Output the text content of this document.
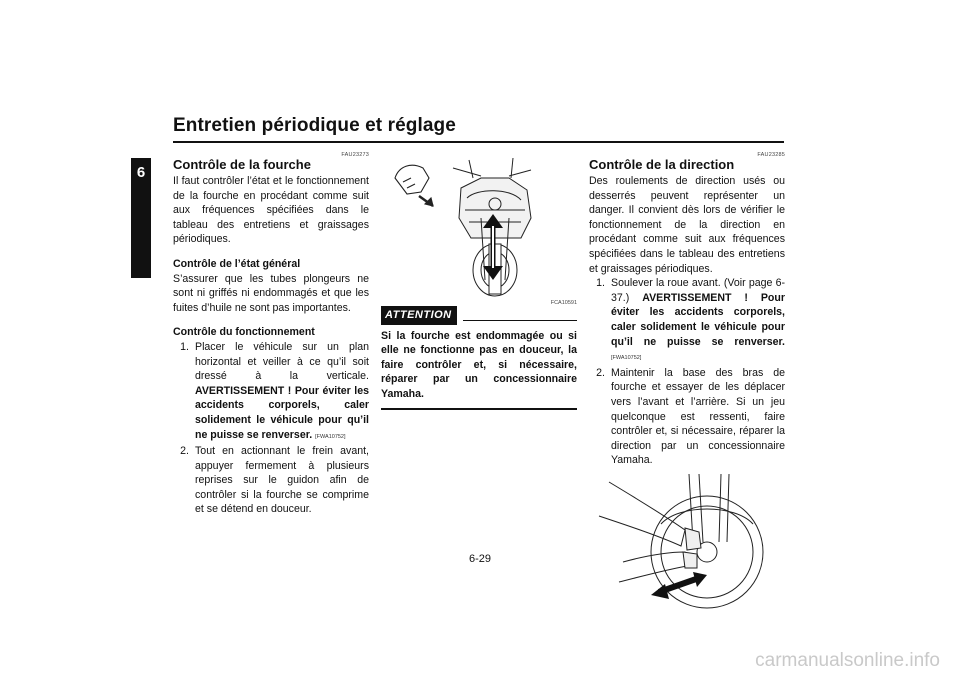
Entretien périodique et réglage
6
FAU23273
Contrôle de la fourche

Il faut contrôler l’état et le fonctionnement de la fourche en procédant comme suit aux fréquences spécifiées dans le tableau des entretiens et graissages périodiques.

Contrôle de l’état général

S’assurer que les tubes plongeurs ne sont ni griffés ni endommagés et que les fuites d’huile ne sont pas importantes.

Contrôle du fonctionnement
1. Placer le véhicule sur un plan horizontal et veiller à ce qu’il soit dressé à la verticale. AVERTISSEMENT ! Pour éviter les accidents corporels, caler solidement le véhicule pour qu’il ne puisse se renverser. [FWA10752]
2. Tout en actionnant le frein avant, appuyer fermement à plusieurs reprises sur le guidon afin de contrôler si la fourche se comprime et se détend en douceur.
FCA10591
ATTENTION
Si la fourche est endommagée ou si elle ne fonctionne pas en douceur, la faire contrôler et, si nécessaire, réparer par un concessionnaire Yamaha.
FAU23285
Contrôle de la direction

Des roulements de direction usés ou desserrés peuvent représenter un danger. Il convient dès lors de vérifier le fonctionnement de la direction en procédant comme suit aux fréquences spécifiées dans le tableau des entretiens et graissages périodiques.

1. Soulever la roue avant. (Voir page 6-37.) AVERTISSEMENT ! Pour éviter les accidents corporels, caler solidement le véhicule pour qu’il ne puisse se renverser. [FWA10752]
2. Maintenir la base des bras de fourche et essayer de les déplacer vers l’avant et l’arrière. Si un jeu quelconque est ressenti, faire contrôler et, si nécessaire, réparer la direction par un concessionnaire Yamaha.
6-29
carmanualsonline.info
